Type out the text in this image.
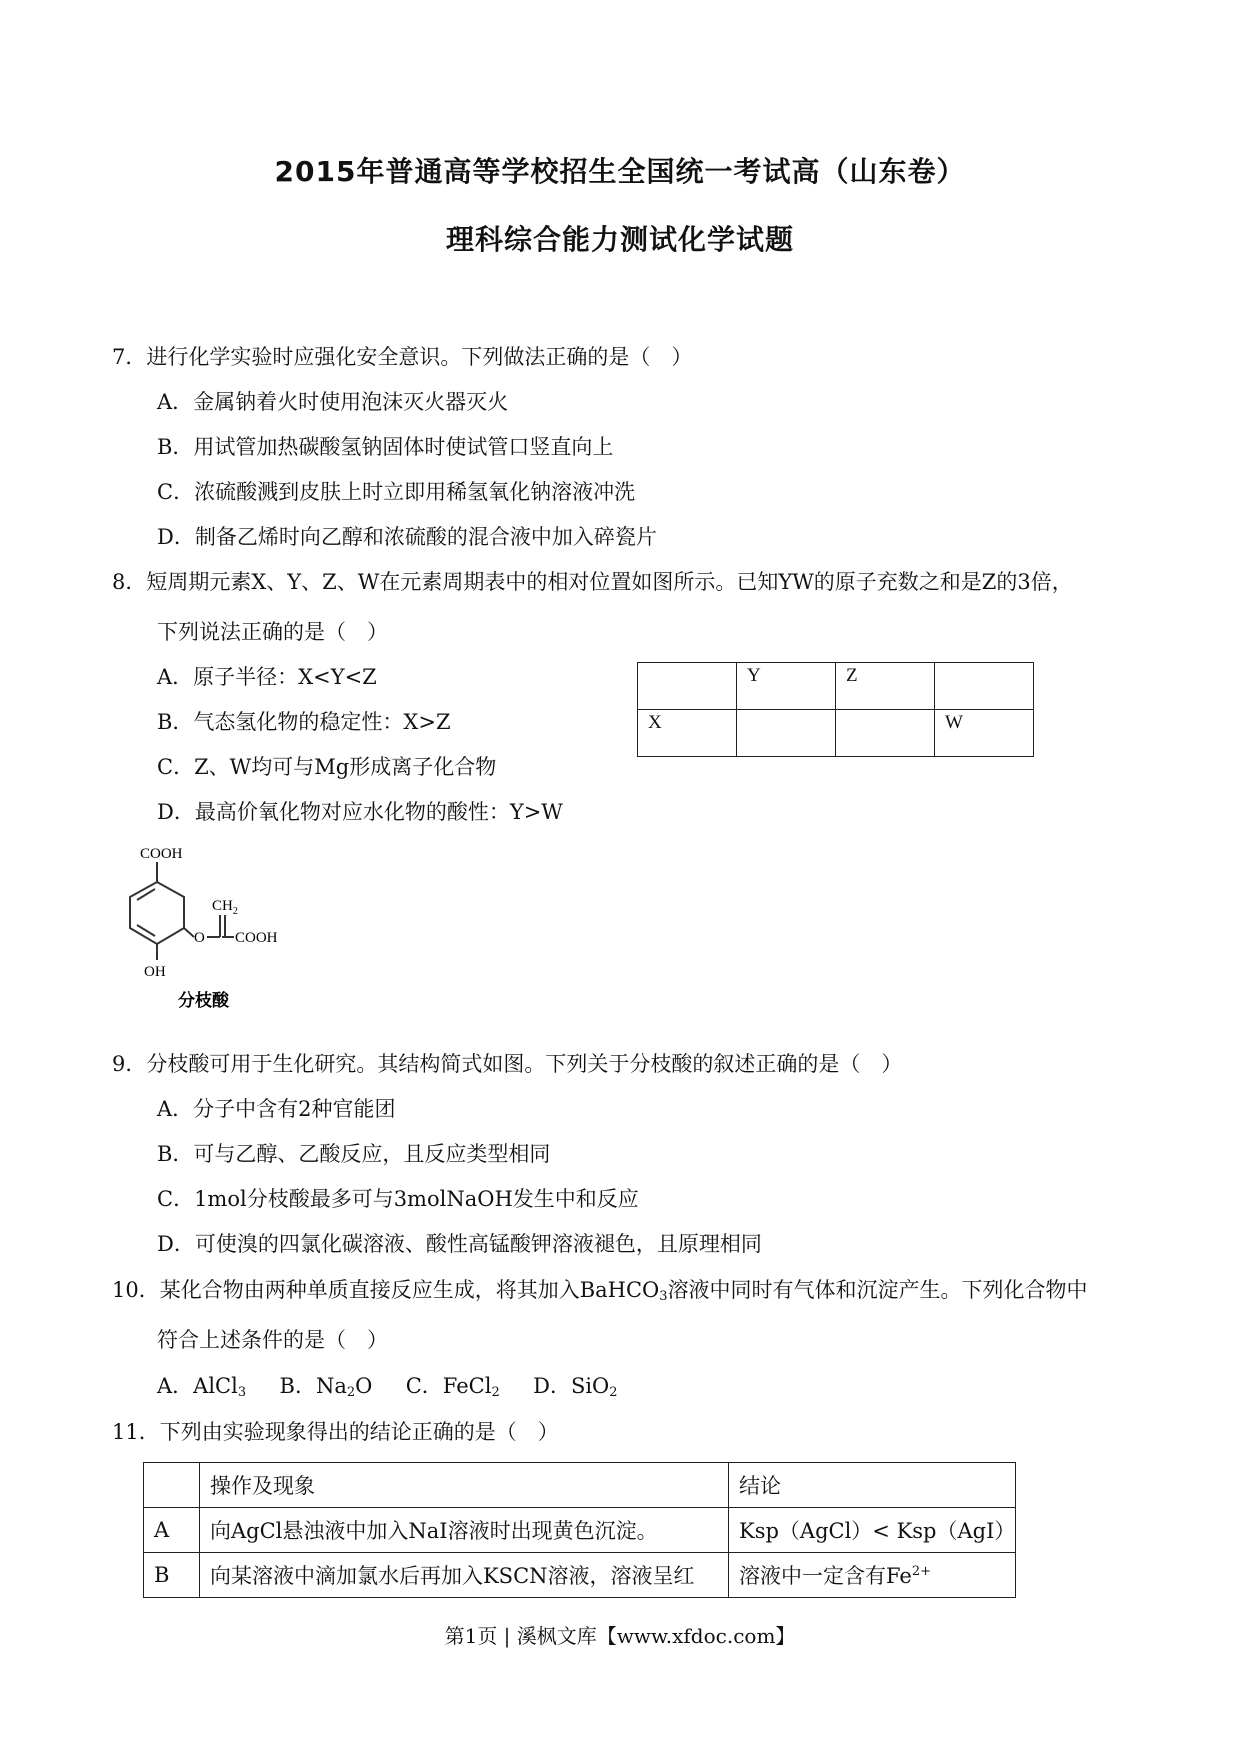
2015年普通高等学校招生全国统一考试高（山东卷）
理科综合能力测试化学试题
7．进行化学实验时应强化安全意识。下列做法正确的是（　）
A．金属钠着火时使用泡沫灭火器灭火
B．用试管加热碳酸氢钠固体时使试管口竖直向上
C．浓硫酸溅到皮肤上时立即用稀氢氧化钠溶液冲洗
D．制备乙烯时向乙醇和浓硫酸的混合液中加入碎瓷片
8．短周期元素X、Y、Z、W在元素周期表中的相对位置如图所示。已知YW的原子充数之和是Z的3倍，
下列说法正确的是（　）
A．原子半径：X<Y<Z
B．气态氢化物的稳定性：X>Z
C．Z、W均可与Mg形成离子化合物
D．最高价氧化物对应水化物的酸性：Y>W
	Y	Z	
X			W
COOH
$CH_2$
O COOH
OH
分枝酸
9．分枝酸可用于生化研究。其结构简式如图。下列关于分枝酸的叙述正确的是（　）
A．分子中含有2种官能团
B．可与乙醇、乙酸反应，且反应类型相同
C．1mol分枝酸最多可与3molNaOH发生中和反应
D．可使溴的四氯化碳溶液、酸性高锰酸钾溶液褪色，且原理相同
10．某化合物由两种单质直接反应生成，将其加入BaHCO$_3$溶液中同时有气体和沉淀产生。下列化合物中
符合上述条件的是（　）
A．AlCl$_3$ B．$Na_2O$ C．FeCl$_2$ D．SiO$_2$
11．下列由实验现象得出的结论正确的是（　）
	操作及现象	结论
A	向AgCl悬浊液中加入NaI溶液时出现黄色沉淀。	Ksp（AgCl）< Ksp（AgI）
B	向某溶液中滴加氯水后再加入KSCN溶液，溶液呈红	溶液中一定含有$Fe^{2+}$
第1页 | 溪枫文库【www.xfdoc.com】
